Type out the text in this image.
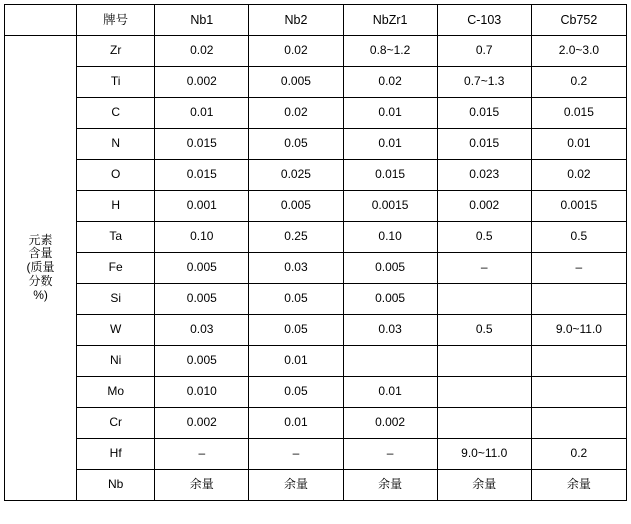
	牌号	Nb1	Nb2	NbZr1	C-103	Cb752

元素
含量
(质量
分数
%)	Zr	0.02	0.02	0.8~1.2	0.7	2.0~3.0
	Ti	0.002	0.005	0.02	0.7~1.3	0.2
	C	0.01	0.02	0.01	0.015	0.015
	N	0.015	0.05	0.01	0.015	0.01
	O	0.015	0.025	0.015	0.023	0.02
	H	0.001	0.005	0.0015	0.002	0.0015
	Ta	0.10	0.25	0.10	0.5	0.5
	Fe	0.005	0.03	0.005	–	–
	Si	0.005	0.05	0.005		
	W	0.03	0.05	0.03	0.5	9.0~11.0
	Ni	0.005	0.01			
	Mo	0.010	0.05	0.01		
	Cr	0.002	0.01	0.002		
	Hf	–	–	–	9.0~11.0	0.2
	Nb	余量	余量	余量	余量	余量
